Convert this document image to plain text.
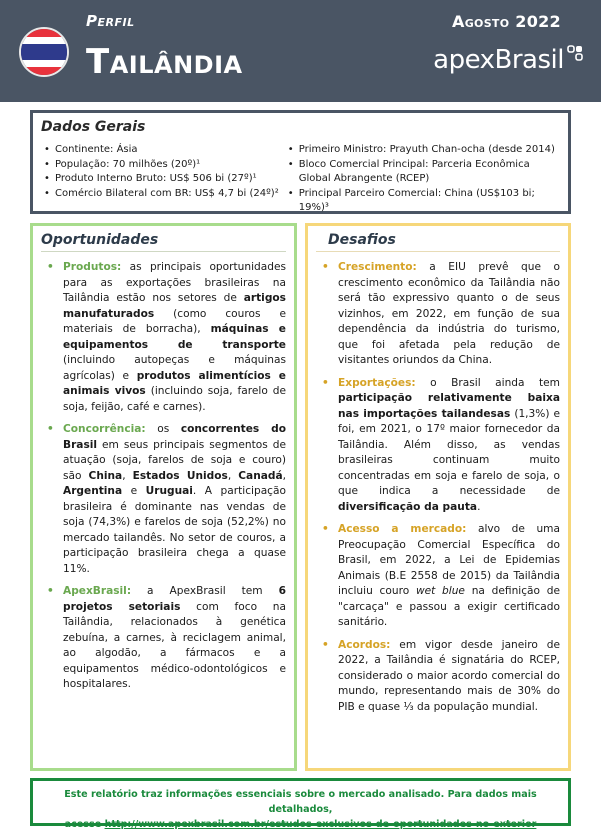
Perfil
Tailândia
Agosto 2022
apexBrasil
Dados Gerais
• Continente: Ásia
• População: 70 milhões (20º)¹
• Produto Interno Bruto: US$ 506 bi (27º)¹
• Comércio Bilateral com BR: US$ 4,7 bi (24º)²
• Primeiro Ministro: Prayuth Chan-ocha (desde 2014)
• Bloco Comercial Principal: Parceria Econômica Global Abrangente (RCEP)
• Principal Parceiro Comercial: China (US$103 bi; 19%)³
Oportunidades
• Produtos: as principais oportunidades para as exportações brasileiras na Tailândia estão nos setores de artigos manufaturados (como couros e materiais de borracha), máquinas e equipamentos de transporte (incluindo autopeças e máquinas agrícolas) e produtos alimentícios e animais vivos (incluindo soja, farelo de soja, feijão, café e carnes).
• Concorrência: os concorrentes do Brasil em seus principais segmentos de atuação (soja, farelos de soja e couro) são China, Estados Unidos, Canadá, Argentina e Uruguai. A participação brasileira é dominante nas vendas de soja (74,3%) e farelos de soja (52,2%) no mercado tailandês. No setor de couros, a participação brasileira chega a quase 11%.
• ApexBrasil: a ApexBrasil tem 6 projetos setoriais com foco na Tailândia, relacionados à genética zebuína, a carnes, à reciclagem animal, ao algodão, a fármacos e a equipamentos médico-odontológicos e hospitalares.
Desafios
• Crescimento: a EIU prevê que o crescimento econômico da Tailândia não será tão expressivo quanto o de seus vizinhos, em 2022, em função de sua dependência da indústria do turismo, que foi afetada pela redução de visitantes oriundos da China.
• Exportações: o Brasil ainda tem participação relativamente baixa nas importações tailandesas (1,3%) e foi, em 2021, o 17º maior fornecedor da Tailândia. Além disso, as vendas brasileiras continuam muito concentradas em soja e farelo de soja, o que indica a necessidade de diversificação da pauta.
• Acesso a mercado: alvo de uma Preocupação Comercial Específica do Brasil, em 2022, a Lei de Epidemias Animais (B.E 2558 de 2015) da Tailândia incluiu couro wet blue na definição de "carcaça" e passou a exigir certificado sanitário.
• Acordos: em vigor desde janeiro de 2022, a Tailândia é signatária do RCEP, considerado o maior acordo comercial do mundo, representando mais de 30% do PIB e quase ⅓ da população mundial.
Este relatório traz informações essenciais sobre o mercado analisado. Para dados mais detalhados,
acesse http://www.apexbrasil.com.br/estudos-exclusivos-de-oportunidades-no-exterior
